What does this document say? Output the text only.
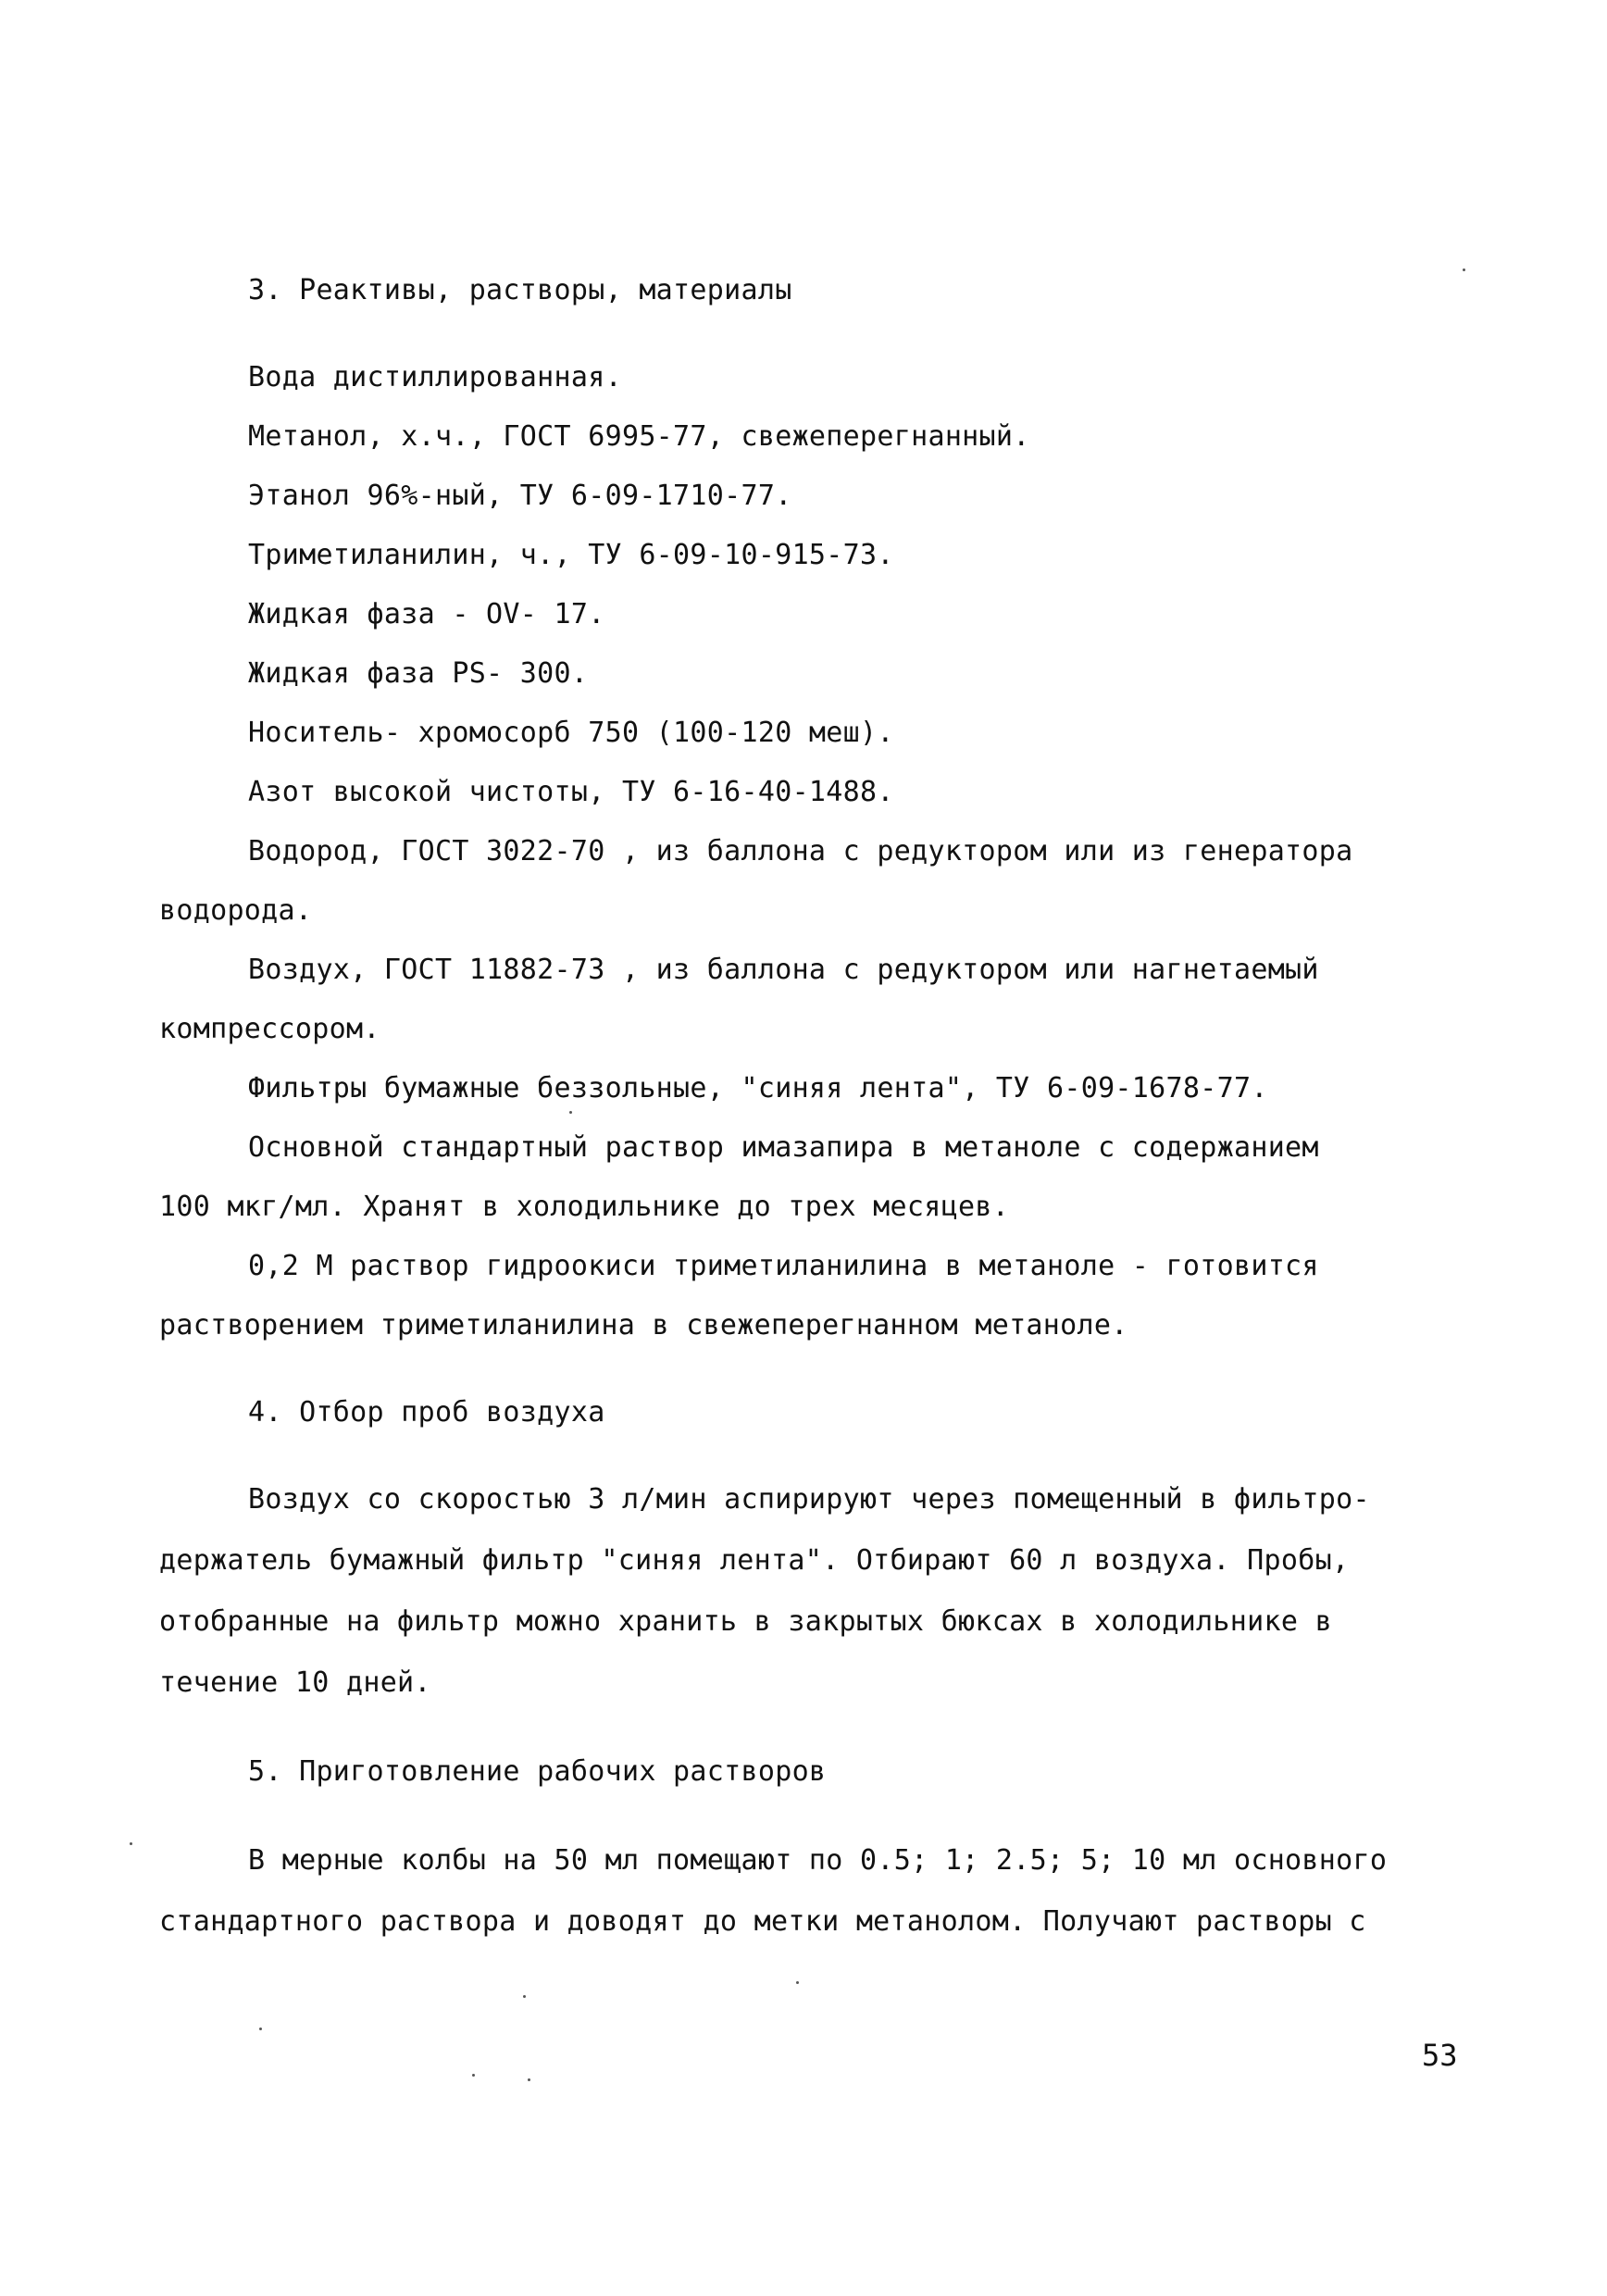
3. Реактивы, растворы, материалы
Вода дистиллированная.
Метанол, х.ч., ГОСТ 6995-77, свежеперегнанный.
Этанол 96%-ный, ТУ 6-09-1710-77.
Триметиланилин, ч., ТУ 6-09-10-915-73.
Жидкая фаза - OV- 17.
Жидкая фаза PS- 300.
Носитель- хромосорб 750 (100-120 меш).
Азот высокой чистоты, ТУ 6-16-40-1488.
Водород, ГОСТ 3022-70 , из баллона с редуктором или из генератора
водорода.
Воздух, ГОСТ 11882-73 , из баллона с редуктором или нагнетаемый
компрессором.
Фильтры бумажные беззольные, "синяя лента", ТУ 6-09-1678-77.
Основной стандартный раствор имазапира в метаноле с содержанием
100 мкг/мл. Хранят в холодильнике до трех месяцев.
0,2 М раствор гидроокиси триметиланилина в метаноле - готовится
растворением триметиланилина в свежеперегнанном метаноле.
4. Отбор проб воздуха
Воздух со скоростью 3 л/мин аспирируют через помещенный в фильтро-
держатель бумажный фильтр "синяя лента". Отбирают 60 л воздуха. Пробы,
отобранные на фильтр можно хранить в закрытых бюксах в холодильнике в
течение 10 дней.
5. Приготовление рабочих растворов
В мерные колбы на 50 мл помещают по 0.5; 1; 2.5; 5; 10 мл основного
стандартного раствора и доводят до метки метанолом. Получают растворы с
53
